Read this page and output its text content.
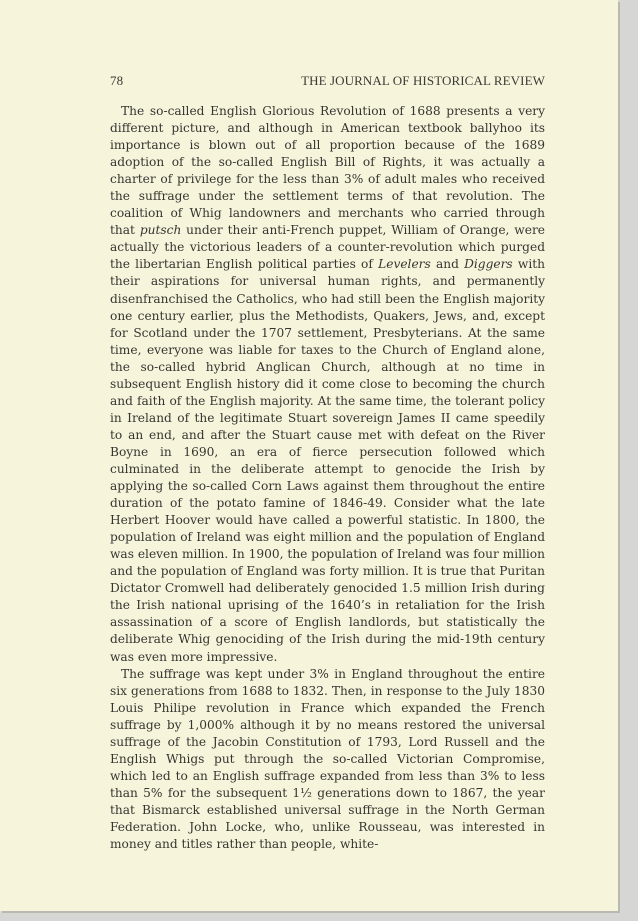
78	THE JOURNAL OF HISTORICAL REVIEW

The so-called English Glorious Revolution of 1688 presents a very different picture, and although in American textbook ballyhoo its importance is blown out of all proportion because of the 1689 adoption of the so-called English Bill of Rights, it was actually a charter of privilege for the less than 3% of adult males who received the suffrage under the settlement terms of that revolution. The coalition of Whig landowners and merchants who carried through that putsch under their anti-French puppet, William of Orange, were actually the victorious leaders of a counter-revolution which purged the libertarian English political parties of Levelers and Diggers with their aspirations for universal human rights, and permanently disenfranchised the Catholics, who had still been the English majority one century earlier, plus the Methodists, Quakers, Jews, and, except for Scotland under the 1707 settlement, Presbyterians. At the same time, everyone was liable for taxes to the Church of England alone, the so-called hybrid Anglican Church, although at no time in subsequent English history did it come close to becoming the church and faith of the English majority. At the same time, the tolerant policy in Ireland of the legitimate Stuart sovereign James II came speedily to an end, and after the Stuart cause met with defeat on the River Boyne in 1690, an era of fierce persecution followed which culminated in the deliberate attempt to genocide the Irish by applying the so-called Corn Laws against them throughout the entire duration of the potato famine of 1846-49. Consider what the late Herbert Hoover would have called a powerful statistic. In 1800, the population of Ireland was eight million and the population of England was eleven million. In 1900, the population of Ireland was four million and the population of England was forty million. It is true that Puritan Dictator Cromwell had deliberately genocided 1.5 million Irish during the Irish national uprising of the 1640’s in retaliation for the Irish assassination of a score of English landlords, but statistically the deliberate Whig genociding of the Irish during the mid-19th century was even more impressive.

The suffrage was kept under 3% in England throughout the entire six generations from 1688 to 1832. Then, in response to the July 1830 Louis Philipe revolution in France which expanded the French suffrage by 1,000% although it by no means restored the universal suffrage of the Jacobin Constitution of 1793, Lord Russell and the English Whigs put through the so-called Victorian Compromise, which led to an English suffrage expanded from less than 3% to less than 5% for the subsequent 1½ generations down to 1867, the year that Bismarck established universal suffrage in the North German Federation. John Locke, who, unlike Rousseau, was interested in money and titles rather than people, white-
